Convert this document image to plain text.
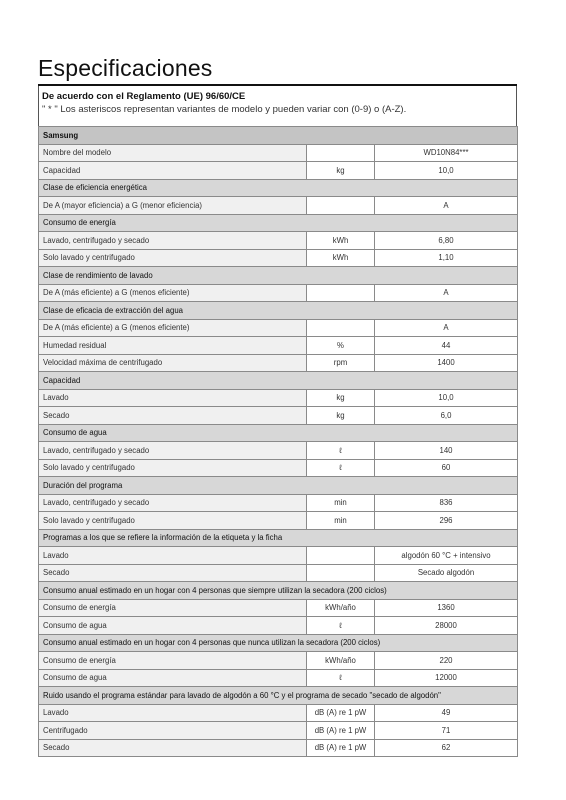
Especificaciones
De acuerdo con el Reglamento (UE) 96/60/CE
" * " Los asteriscos representan variantes de modelo y pueden variar con (0-9) o (A-Z).
Samsung		
Nombre del modelo		WD10N84***
Capacidad	kg	10,0
Clase de eficiencia energética		
De A (mayor eficiencia) a G (menor eficiencia)		A
Consumo de energía		
Lavado, centrifugado y secado	kWh	6,80
Solo lavado y centrifugado	kWh	1,10
Clase de rendimiento de lavado		
De A (más eficiente) a G (menos eficiente)		A
Clase de eficacia de extracción del agua		
De A (más eficiente) a G (menos eficiente)		A
Humedad residual	%	44
Velocidad máxima de centrifugado	rpm	1400
Capacidad		
Lavado	kg	10,0
Secado	kg	6,0
Consumo de agua		
Lavado, centrifugado y secado	ℓ	140
Solo lavado y centrifugado	ℓ	60
Duración del programa		
Lavado, centrifugado y secado	min	836
Solo lavado y centrifugado	min	296
Programas a los que se refiere la información de la etiqueta y la ficha		
Lavado		algodón 60 °C + intensivo
Secado		Secado algodón
Consumo anual estimado en un hogar con 4 personas que siempre utilizan la secadora (200 ciclos)		
Consumo de energía	kWh/año	1360
Consumo de agua	ℓ	28000
Consumo anual estimado en un hogar con 4 personas que nunca utilizan la secadora (200 ciclos)		
Consumo de energía	kWh/año	220
Consumo de agua	ℓ	12000
Ruido usando el programa estándar para lavado de algodón a 60 °C y el programa de secado "secado de algodón"		
Lavado	dB (A) re 1 pW	49
Centrifugado	dB (A) re 1 pW	71
Secado	dB (A) re 1 pW	62
